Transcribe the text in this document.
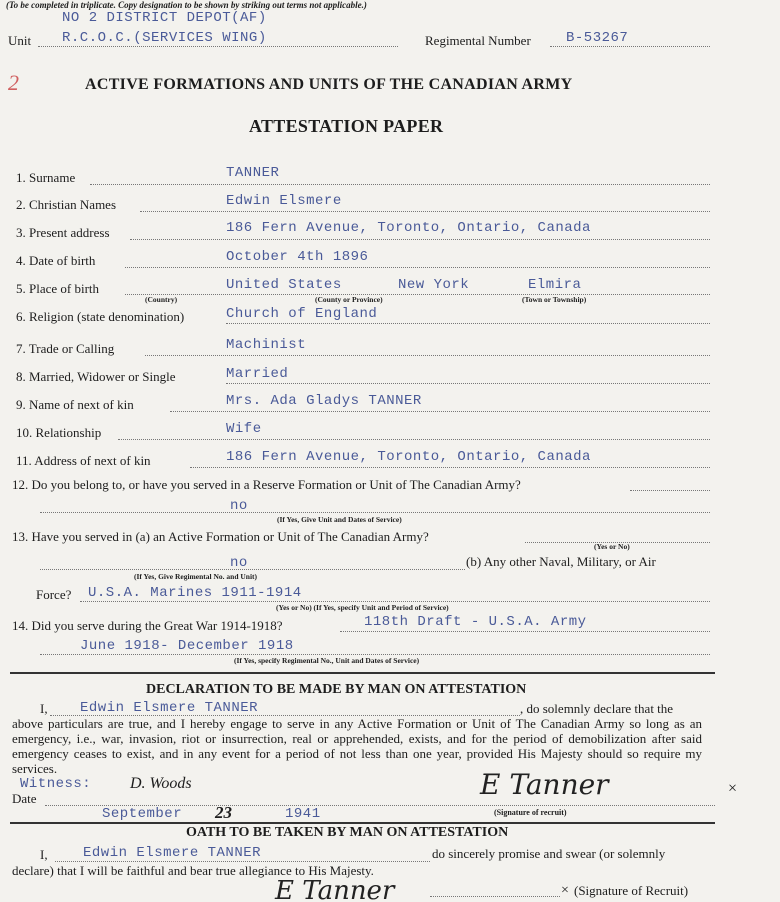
(To be completed in triplicate. Copy designation to be shown by striking out terms not applicable.)
NO 2 DISTRICT DEPOT(AF)
Unit R.C.O.C.(SERVICES WING)	Regimental Number	B-53267
2	ACTIVE FORMATIONS AND UNITS OF THE CANADIAN ARMY
ATTESTATION PAPER
1. Surname	TANNER
2. Christian Names	Edwin Elsmere
3. Present address	186 Fern Avenue, Toronto, Ontario, Canada
4. Date of birth	October 4th 1896
5. Place of birth	United States	New York	Elmira
(Country)	(County or Province)	(Town or Township)
6. Religion (state denomination)	Church of England
7. Trade or Calling	Machinist
8. Married, Widower or Single	Married
9. Name of next of kin	Mrs. Ada Gladys TANNER
10. Relationship	Wife
11. Address of next of kin	186 Fern Avenue, Toronto, Ontario, Canada
12. Do you belong to, or have you served in a Reserve Formation or Unit of The Canadian Army?
no
(If Yes, Give Unit and Dates of Service)
13. Have you served in (a) an Active Formation or Unit of The Canadian Army?
(Yes or No)
no	(b) Any other Naval, Military, or Air
(If Yes, Give Regimental No. and Unit)
Force? U.S.A. Marines 1911-1914
(Yes or No) (If Yes, specify Unit and Period of Service)
14. Did you serve during the Great War 1914-1918?	118th Draft - U.S.A. Army
June 1918- December 1918
(If Yes, specify Regimental No., Unit and Dates of Service)
DECLARATION TO BE MADE BY MAN ON ATTESTATION
I, Edwin Elsmere TANNER	, do solemnly declare that the
above particulars are true, and I hereby engage to serve in any Active Formation or Unit of The Canadian Army so long as an emergency, i.e., war, invasion, riot or insurrection, real or apprehended, exists, and for the period of demobilization after said emergency ceases to exist, and in any event for a period of not less than one year, provided His Majesty should so require my services.
Witness: D. Woods
Date
September 23	1941
E Tanner
(Signature of recruit)
×
OATH TO BE TAKEN BY MAN ON ATTESTATION
I,	Edwin Elsmere TANNER	do sincerely promise and swear (or solemnly
declare) that I will be faithful and bear true allegiance to His Majesty.
E Tanner	× (Signature of Recruit)
